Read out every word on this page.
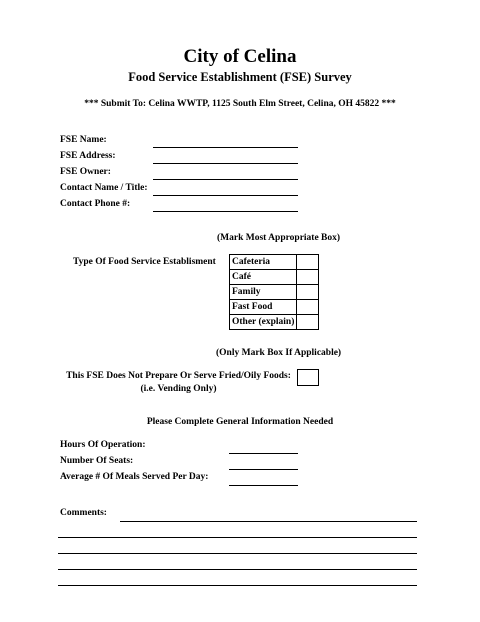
City of Celina
Food Service Establishment (FSE) Survey
*** Submit To: Celina WWTP, 1125 South Elm Street, Celina, OH 45822 ***
FSE Name:
FSE Address:
FSE Owner:
Contact Name / Title:
Contact Phone #:
(Mark Most Appropriate Box)
Type Of Food Service Establisment Cafeteria	
Café	
Family	
Fast Food	
Other (explain)	
(Only Mark Box If Applicable)
This FSE Does Not Prepare Or Serve Fried/Oily Foods:
(i.e. Vending Only)
Please Complete General Information Needed
Hours Of Operation:
Number Of Seats:
Average # Of Meals Served Per Day:
Comments:
